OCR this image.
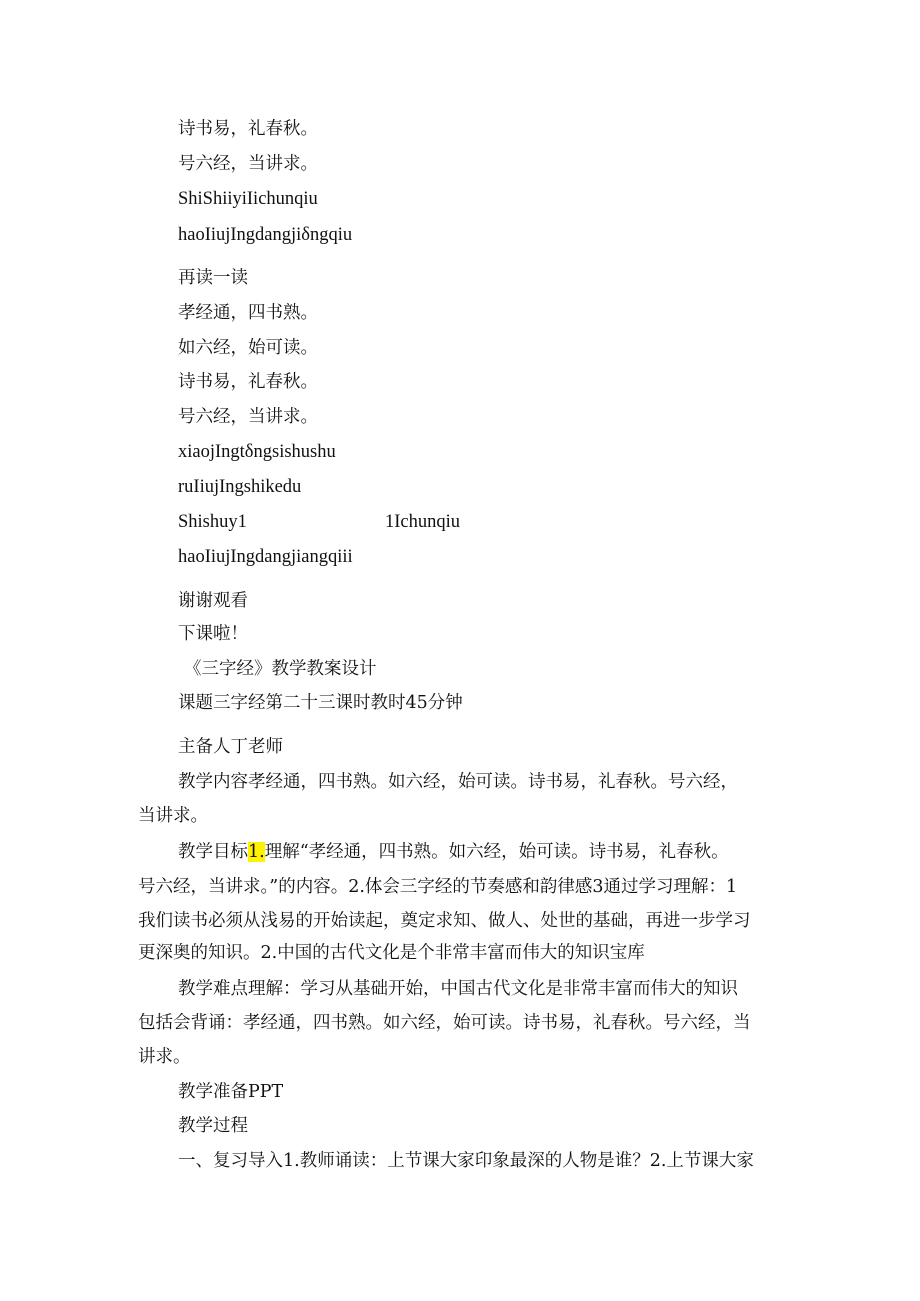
诗书易，礼春秋。
号六经，当讲求。
ShiShiiyiIichunqiu
haoIiujIngdangjiδngqiu
再读一读
孝经通，四书熟。
如六经，始可读。
诗书易，礼春秋。
号六经，当讲求。
xiaojIngtδngsishushu
ruIiujIngshikedu
Shishuy1	1Ichunqiu
haoIiujIngdangjiangqiii
谢谢观看
下课啦！
《三字经》教学教案设计
课题三字经第二十三课时教时45分钟
主备人丁老师
教学内容孝经通，四书熟。如六经，始可读。诗书易，礼春秋。号六经，
当讲求。
教学目标1.理解“孝经通，四书熟。如六经，始可读。诗书易，礼春秋。
号六经，当讲求。”的内容。2.体会三字经的节奏感和韵律感3通过学习理解：1
我们读书必须从浅易的开始读起，奠定求知、做人、处世的基础，再进一步学习
更深奥的知识。2.中国的古代文化是个非常丰富而伟大的知识宝库
教学难点理解：学习从基础开始，中国古代文化是非常丰富而伟大的知识
包括会背诵：孝经通，四书熟。如六经，始可读。诗书易，礼春秋。号六经，当
讲求。
教学准备PPT
教学过程
一、复习导入1.教师诵读：上节课大家印象最深的人物是谁？2.上节课大家
